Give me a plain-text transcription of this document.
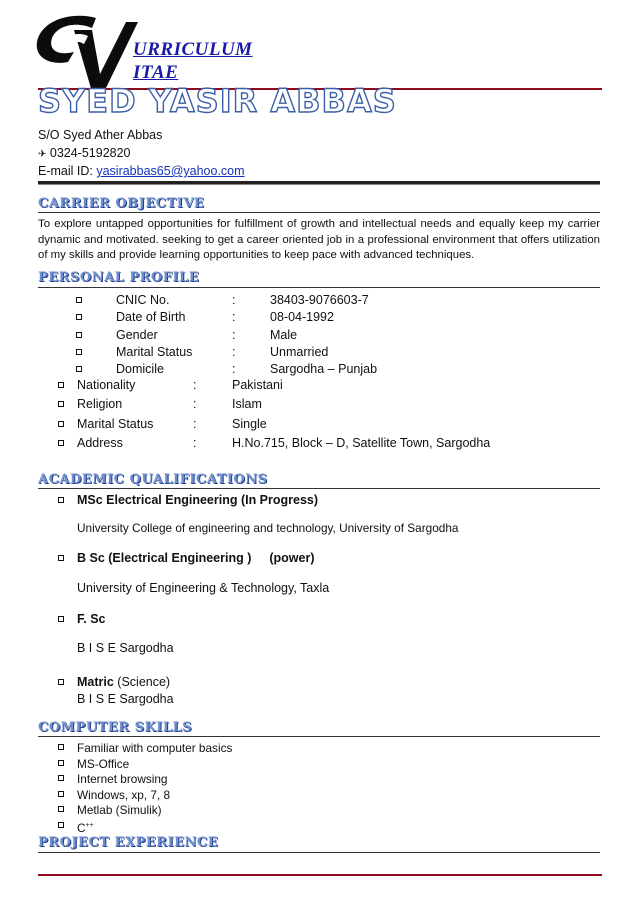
URRICULUM
ITAE
SYED YASIR ABBAS
S/O Syed Ather Abbas
✈ 0324-5192820
E-mail ID: yasirabbas65@yahoo.com
CARRIER OBJECTIVE
To explore untapped opportunities for fulfillment of growth and intellectual needs and equally keep my carrier dynamic and motivated. seeking to get a career oriented job in a professional environment that offers utilization of my skills and provide learning opportunities to keep pace with advanced techniques.
PERSONAL PROFILE
CNIC No.	:	38403-9076603-7
Date of Birth	:	08-04-1992
Gender	:	Male
Marital Status	:	Unmarried
Domicile	:	Sargodha – Punjab
Nationality	:	Pakistani
Religion	:	Islam
Marital Status	:	Single
Address	:	H.No.715, Block – D, Satellite Town, Sargodha
ACADEMIC QUALIFICATIONS
MSc Electrical Engineering (In Progress)
University College of engineering and technology, University of Sargodha
B Sc (Electrical Engineering ) (power)
University of Engineering & Technology, Taxla
F. Sc
B I S E Sargodha
Matric (Science)
B I S E Sargodha
COMPUTER SKILLS
Familiar with computer basics
MS-Office
Internet browsing
Windows, xp, 7, 8
Metlab (Simulik)
C++
PROJECT EXPERIENCE
